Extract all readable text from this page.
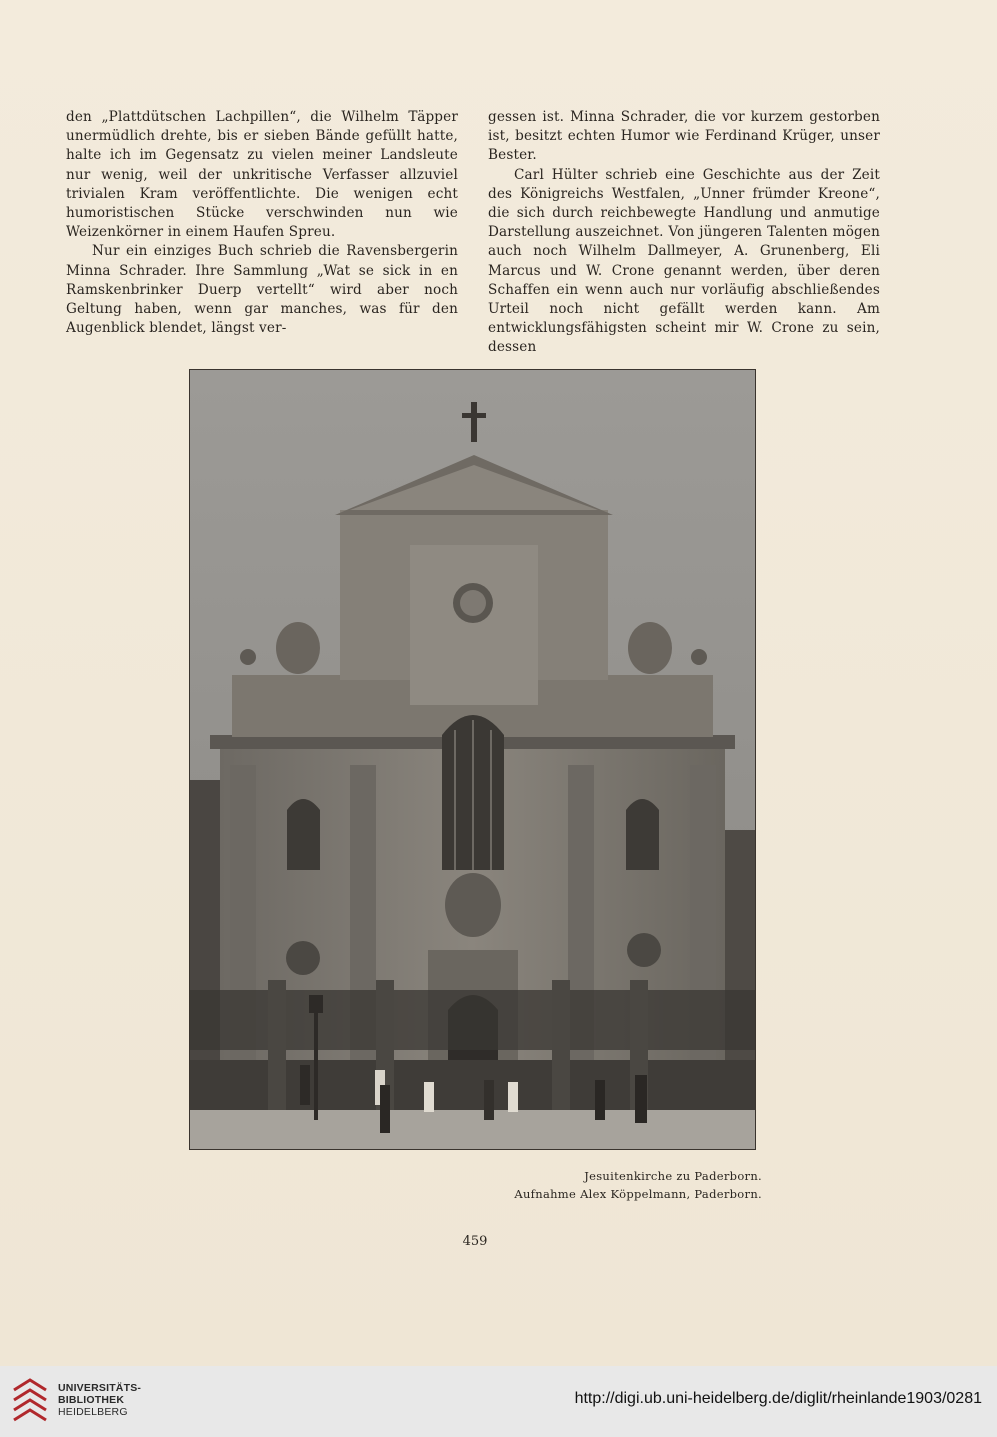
den „Plattdütschen Lachpillen“, die Wilhelm Täpper unermüdlich drehte, bis er sieben Bände gefüllt hatte, halte ich im Gegensatz zu vielen meiner Landsleute nur wenig, weil der unkritische Verfasser allzuviel trivialen Kram veröffentlichte. Die wenigen echt humoristischen Stücke verschwinden nun wie Weizenkörner in einem Haufen Spreu.

Nur ein einziges Buch schrieb die Ravensbergerin Minna Schrader. Ihre Sammlung „Wat se sick in en Ramskenbrinker Duerp vertellt“ wird aber noch Geltung haben, wenn gar manches, was für den Augenblick blendet, längst ver-

gessen ist. Minna Schrader, die vor kurzem gestorben ist, besitzt echten Humor wie Ferdinand Krüger, unser Bester.

Carl Hülter schrieb eine Geschichte aus der Zeit des Königreichs Westfalen, „Unner frümder Kreone“, die sich durch reichbewegte Handlung und anmutige Darstellung auszeichnet. Von jüngeren Talenten mögen auch noch Wilhelm Dallmeyer, A. Grunenberg, Eli Marcus und W. Crone genannt werden, über deren Schaffen ein wenn auch nur vorläufig abschließendes Urteil noch nicht gefällt werden kann. Am entwicklungsfähigsten scheint mir W. Crone zu sein, dessen

Jesuitenkirche zu Paderborn.
Aufnahme Alex Köppelmann, Paderborn.
459
UNIVERSITÄTS-
BIBLIOTHEK
HEIDELBERG
http://digi.ub.uni-heidelberg.de/diglit/rheinlande1903/0281
